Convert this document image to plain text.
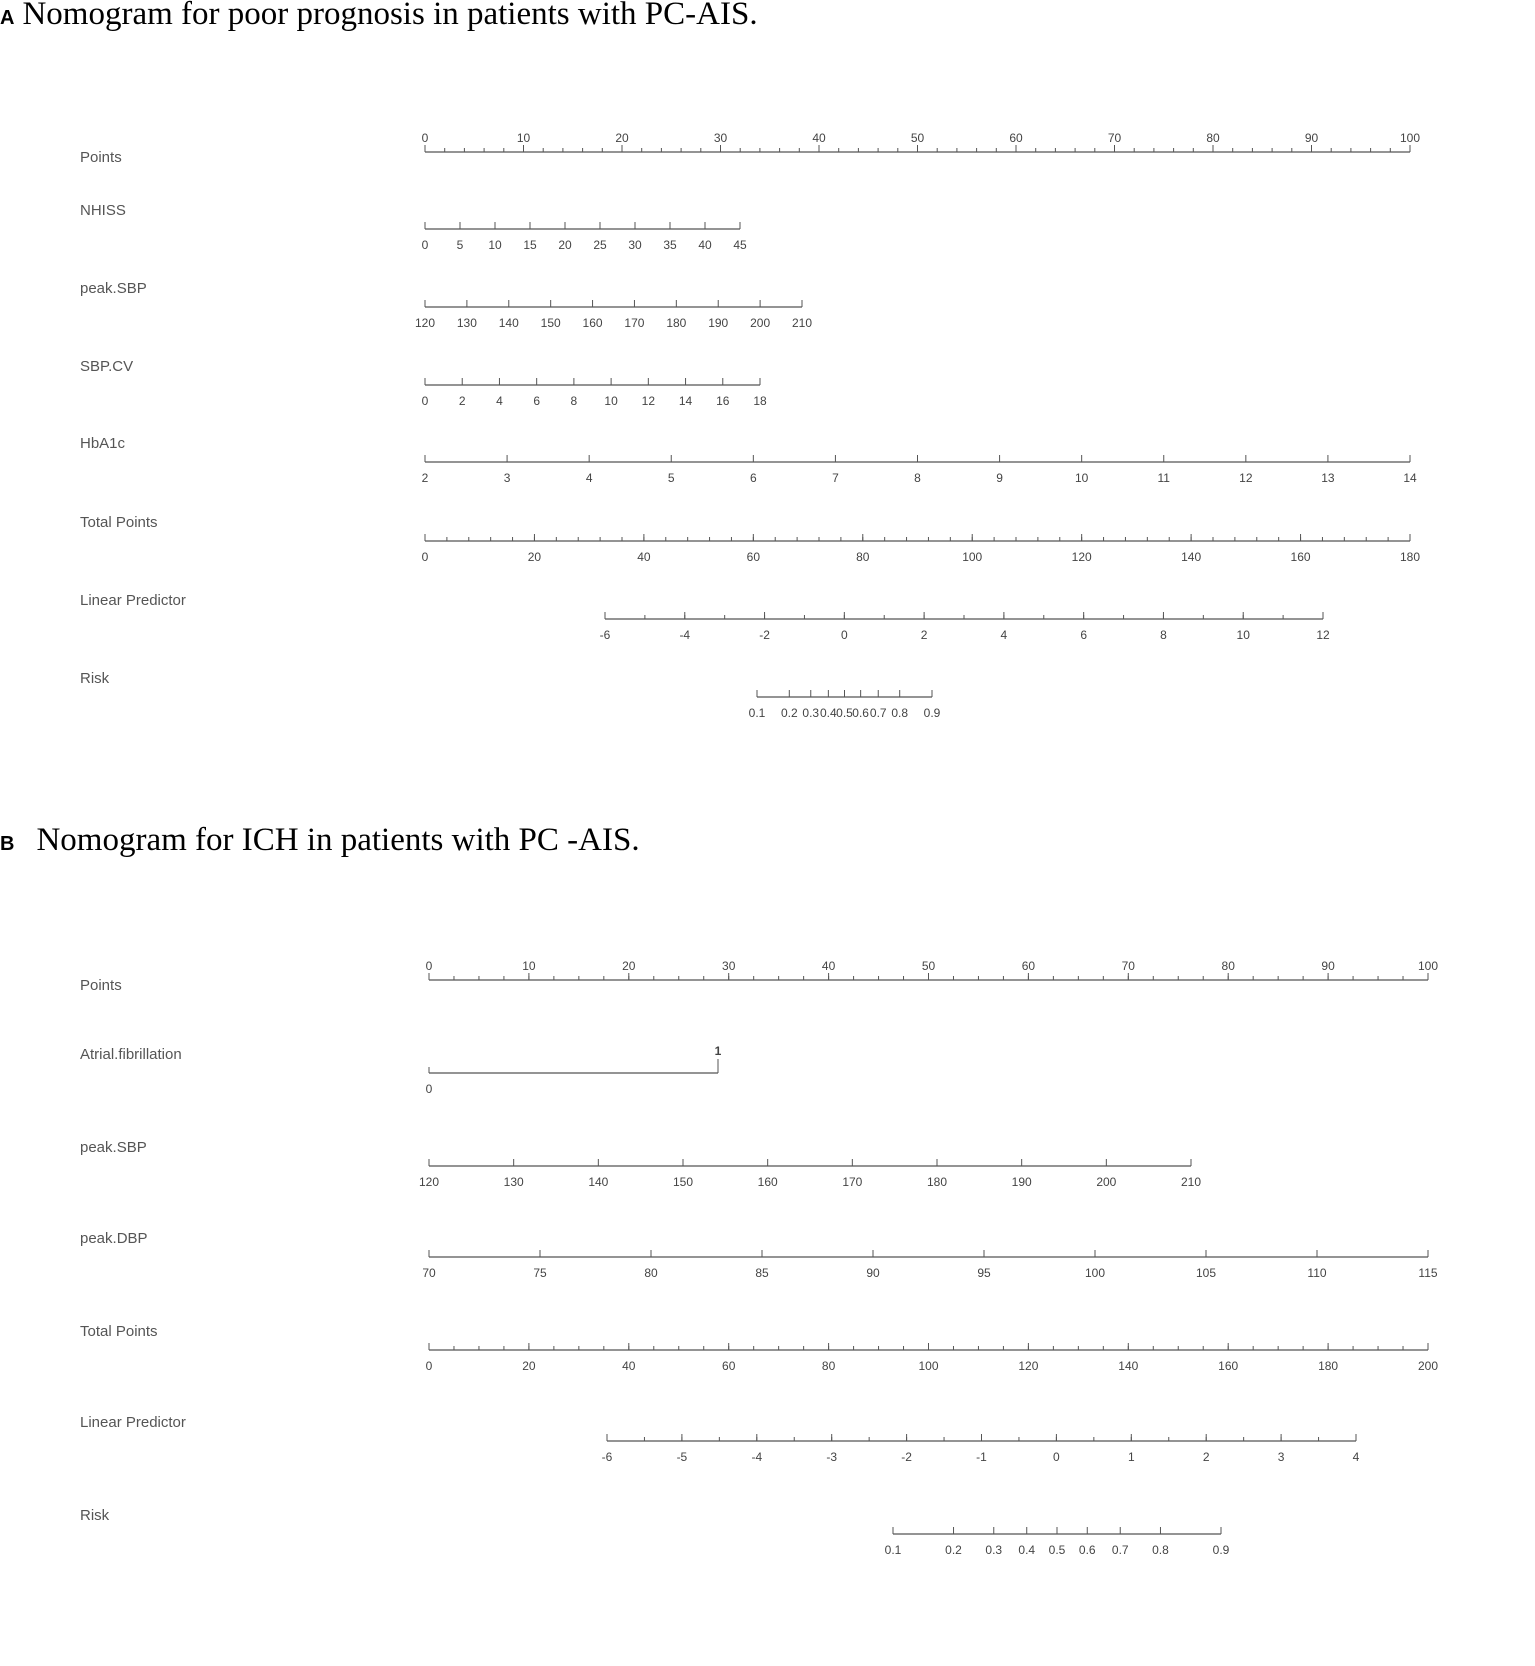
A Nomogram for poor prognosis in patients with PC-AIS.
Points
0	10	20	30	40	50	60	70	80	90	100
NHISS
0 5 10 15 20 25 30 35 40 45
peak.SBP
120 130 140 150 160 170 180 190 200 210
SBP.CV
0	2	4	6	8 10 12 14 16 18
HbA1c
2	3	4	5	6	7	8	9	10	11	12	13	14
Total Points
0	20	40	60	80	100	120	140	160	180
Linear Predictor
-6	-4	-2	0	2	4	6	8	10	12
Risk
0.1 0.2 0.3 0.4 0.5 0.6 0.7 0.8 0.9
B Nomogram for ICH in patients with PC -AIS.
Points
0	10	20	30	40	50	60	70	80	90	100
Atrial.fibrillation
0
1
peak.SBP
120	130	140	150	160	170	180	190	200	210
peak.DBP
70	75	80	85	90	95	100	105	110	115
Total Points
0	20	40	60	80	100	120	140	160	180	200
Linear Predictor
-6	-5	-4	-3	-2	-1	0	1	2	3	4
Risk
0.1	0.2 0.3 0.4 0.5 0.6 0.7 0.8	0.9
